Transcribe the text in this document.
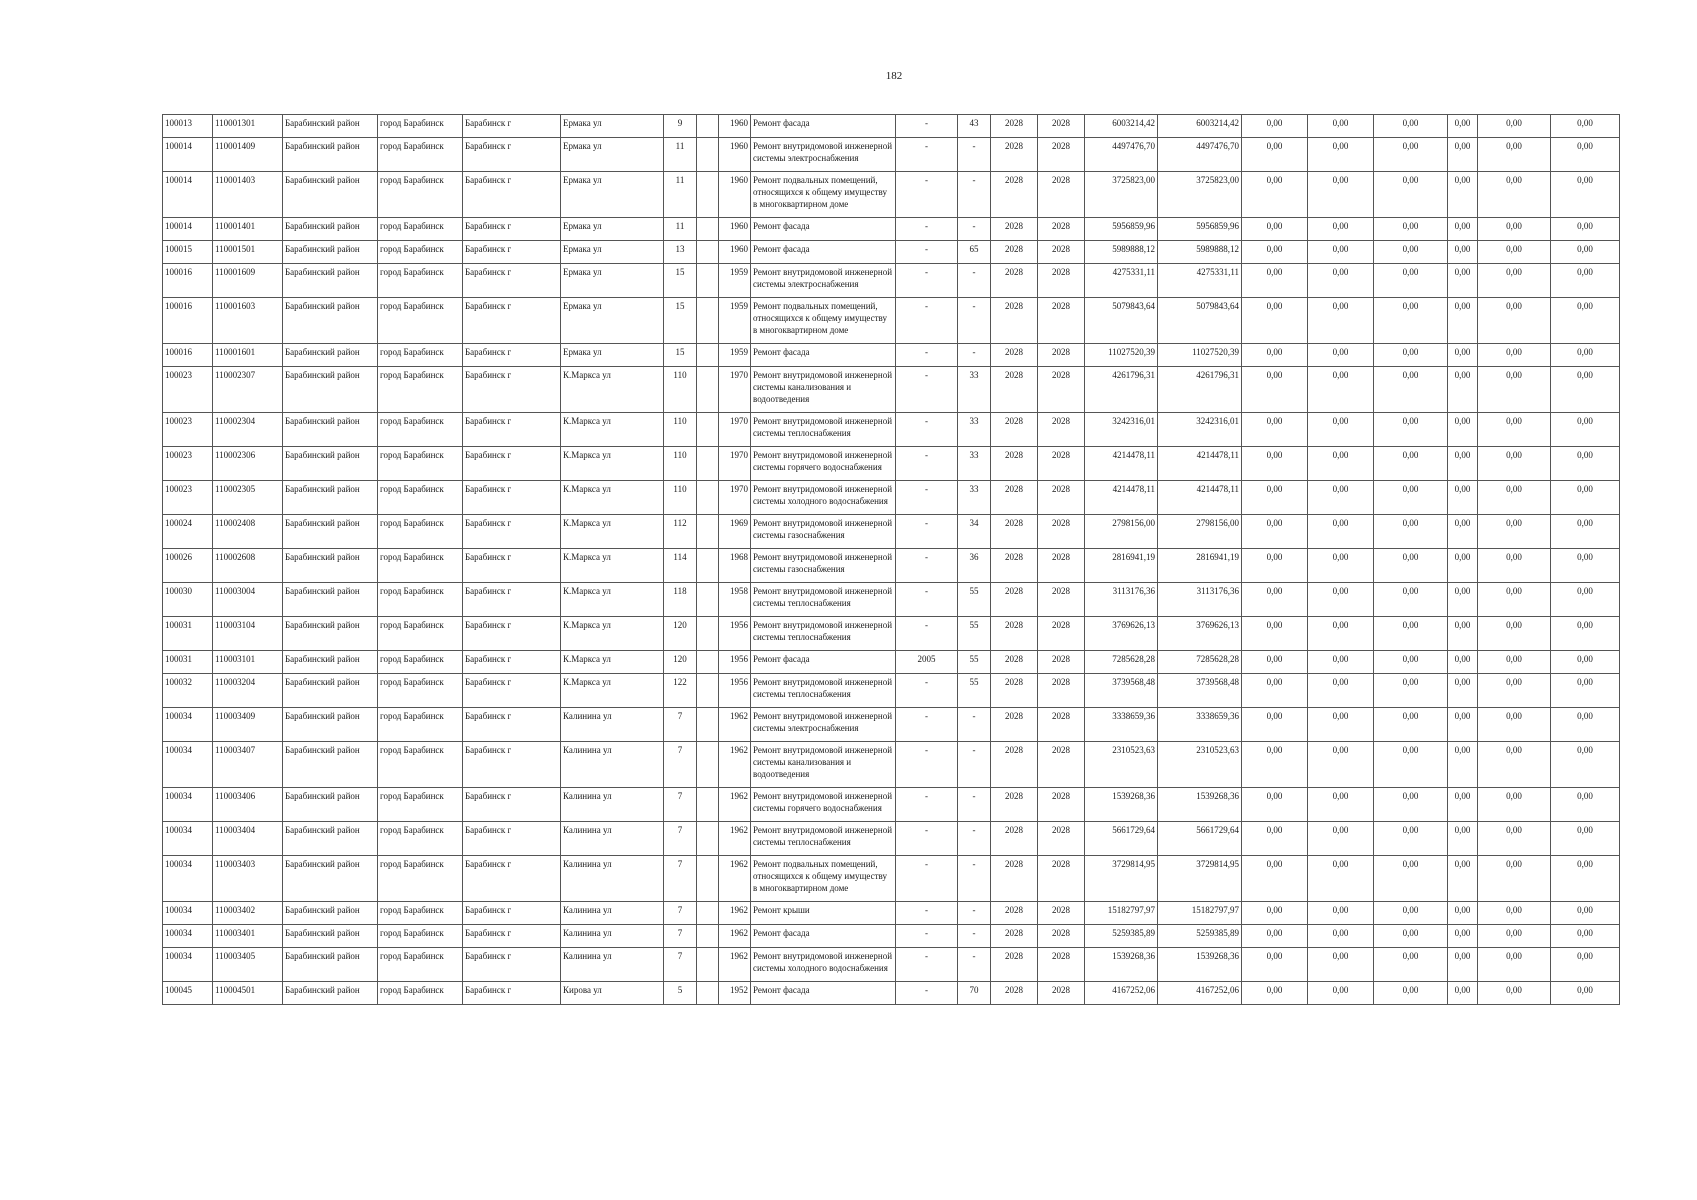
182
100013	110001301	Барабинский район	город Барабинск	Барабинск г	Ермака ул	9		1960	Ремонт фасада	-	43	2028	2028	6003214,42	6003214,42	0,00	0,00	0,00	0,00	0,00	0,00
100014	110001409	Барабинский район	город Барабинск	Барабинск г	Ермака ул	11		1960	Ремонт внутридомовой инженерной системы электроснабжения	-	-	2028	2028	4497476,70	4497476,70	0,00	0,00	0,00	0,00	0,00	0,00
100014	110001403	Барабинский район	город Барабинск	Барабинск г	Ермака ул	11		1960	Ремонт подвальных помещений, относящихся к общему имуществу в многоквартирном доме	-	-	2028	2028	3725823,00	3725823,00	0,00	0,00	0,00	0,00	0,00	0,00
100014	110001401	Барабинский район	город Барабинск	Барабинск г	Ермака ул	11		1960	Ремонт фасада	-	-	2028	2028	5956859,96	5956859,96	0,00	0,00	0,00	0,00	0,00	0,00
100015	110001501	Барабинский район	город Барабинск	Барабинск г	Ермака ул	13		1960	Ремонт фасада	-	65	2028	2028	5989888,12	5989888,12	0,00	0,00	0,00	0,00	0,00	0,00
100016	110001609	Барабинский район	город Барабинск	Барабинск г	Ермака ул	15		1959	Ремонт внутридомовой инженерной системы электроснабжения	-	-	2028	2028	4275331,11	4275331,11	0,00	0,00	0,00	0,00	0,00	0,00
100016	110001603	Барабинский район	город Барабинск	Барабинск г	Ермака ул	15		1959	Ремонт подвальных помещений, относящихся к общему имуществу в многоквартирном доме	-	-	2028	2028	5079843,64	5079843,64	0,00	0,00	0,00	0,00	0,00	0,00
100016	110001601	Барабинский район	город Барабинск	Барабинск г	Ермака ул	15		1959	Ремонт фасада	-	-	2028	2028	11027520,39	11027520,39	0,00	0,00	0,00	0,00	0,00	0,00
100023	110002307	Барабинский район	город Барабинск	Барабинск г	К.Маркса ул	110		1970	Ремонт внутридомовой инженерной системы канализования и водоотведения	-	33	2028	2028	4261796,31	4261796,31	0,00	0,00	0,00	0,00	0,00	0,00
100023	110002304	Барабинский район	город Барабинск	Барабинск г	К.Маркса ул	110		1970	Ремонт внутридомовой инженерной системы теплоснабжения	-	33	2028	2028	3242316,01	3242316,01	0,00	0,00	0,00	0,00	0,00	0,00
100023	110002306	Барабинский район	город Барабинск	Барабинск г	К.Маркса ул	110		1970	Ремонт внутридомовой инженерной системы горячего водоснабжения	-	33	2028	2028	4214478,11	4214478,11	0,00	0,00	0,00	0,00	0,00	0,00
100023	110002305	Барабинский район	город Барабинск	Барабинск г	К.Маркса ул	110		1970	Ремонт внутридомовой инженерной системы холодного водоснабжения	-	33	2028	2028	4214478,11	4214478,11	0,00	0,00	0,00	0,00	0,00	0,00
100024	110002408	Барабинский район	город Барабинск	Барабинск г	К.Маркса ул	112		1969	Ремонт внутридомовой инженерной системы газоснабжения	-	34	2028	2028	2798156,00	2798156,00	0,00	0,00	0,00	0,00	0,00	0,00
100026	110002608	Барабинский район	город Барабинск	Барабинск г	К.Маркса ул	114		1968	Ремонт внутридомовой инженерной системы газоснабжения	-	36	2028	2028	2816941,19	2816941,19	0,00	0,00	0,00	0,00	0,00	0,00
100030	110003004	Барабинский район	город Барабинск	Барабинск г	К.Маркса ул	118		1958	Ремонт внутридомовой инженерной системы теплоснабжения	-	55	2028	2028	3113176,36	3113176,36	0,00	0,00	0,00	0,00	0,00	0,00
100031	110003104	Барабинский район	город Барабинск	Барабинск г	К.Маркса ул	120		1956	Ремонт внутридомовой инженерной системы теплоснабжения	-	55	2028	2028	3769626,13	3769626,13	0,00	0,00	0,00	0,00	0,00	0,00
100031	110003101	Барабинский район	город Барабинск	Барабинск г	К.Маркса ул	120		1956	Ремонт фасада	2005	55	2028	2028	7285628,28	7285628,28	0,00	0,00	0,00	0,00	0,00	0,00
100032	110003204	Барабинский район	город Барабинск	Барабинск г	К.Маркса ул	122		1956	Ремонт внутридомовой инженерной системы теплоснабжения	-	55	2028	2028	3739568,48	3739568,48	0,00	0,00	0,00	0,00	0,00	0,00
100034	110003409	Барабинский район	город Барабинск	Барабинск г	Калинина ул	7		1962	Ремонт внутридомовой инженерной системы электроснабжения	-	-	2028	2028	3338659,36	3338659,36	0,00	0,00	0,00	0,00	0,00	0,00
100034	110003407	Барабинский район	город Барабинск	Барабинск г	Калинина ул	7		1962	Ремонт внутридомовой инженерной системы канализования и водоотведения	-	-	2028	2028	2310523,63	2310523,63	0,00	0,00	0,00	0,00	0,00	0,00
100034	110003406	Барабинский район	город Барабинск	Барабинск г	Калинина ул	7		1962	Ремонт внутридомовой инженерной системы горячего водоснабжения	-	-	2028	2028	1539268,36	1539268,36	0,00	0,00	0,00	0,00	0,00	0,00
100034	110003404	Барабинский район	город Барабинск	Барабинск г	Калинина ул	7		1962	Ремонт внутридомовой инженерной системы теплоснабжения	-	-	2028	2028	5661729,64	5661729,64	0,00	0,00	0,00	0,00	0,00	0,00
100034	110003403	Барабинский район	город Барабинск	Барабинск г	Калинина ул	7		1962	Ремонт подвальных помещений, относящихся к общему имуществу в многоквартирном доме	-	-	2028	2028	3729814,95	3729814,95	0,00	0,00	0,00	0,00	0,00	0,00
100034	110003402	Барабинский район	город Барабинск	Барабинск г	Калинина ул	7		1962	Ремонт крыши	-	-	2028	2028	15182797,97	15182797,97	0,00	0,00	0,00	0,00	0,00	0,00
100034	110003401	Барабинский район	город Барабинск	Барабинск г	Калинина ул	7		1962	Ремонт фасада	-	-	2028	2028	5259385,89	5259385,89	0,00	0,00	0,00	0,00	0,00	0,00
100034	110003405	Барабинский район	город Барабинск	Барабинск г	Калинина ул	7		1962	Ремонт внутридомовой инженерной системы холодного водоснабжения	-	-	2028	2028	1539268,36	1539268,36	0,00	0,00	0,00	0,00	0,00	0,00
100045	110004501	Барабинский район	город Барабинск	Барабинск г	Кирова ул	5		1952	Ремонт фасада	-	70	2028	2028	4167252,06	4167252,06	0,00	0,00	0,00	0,00	0,00	0,00
